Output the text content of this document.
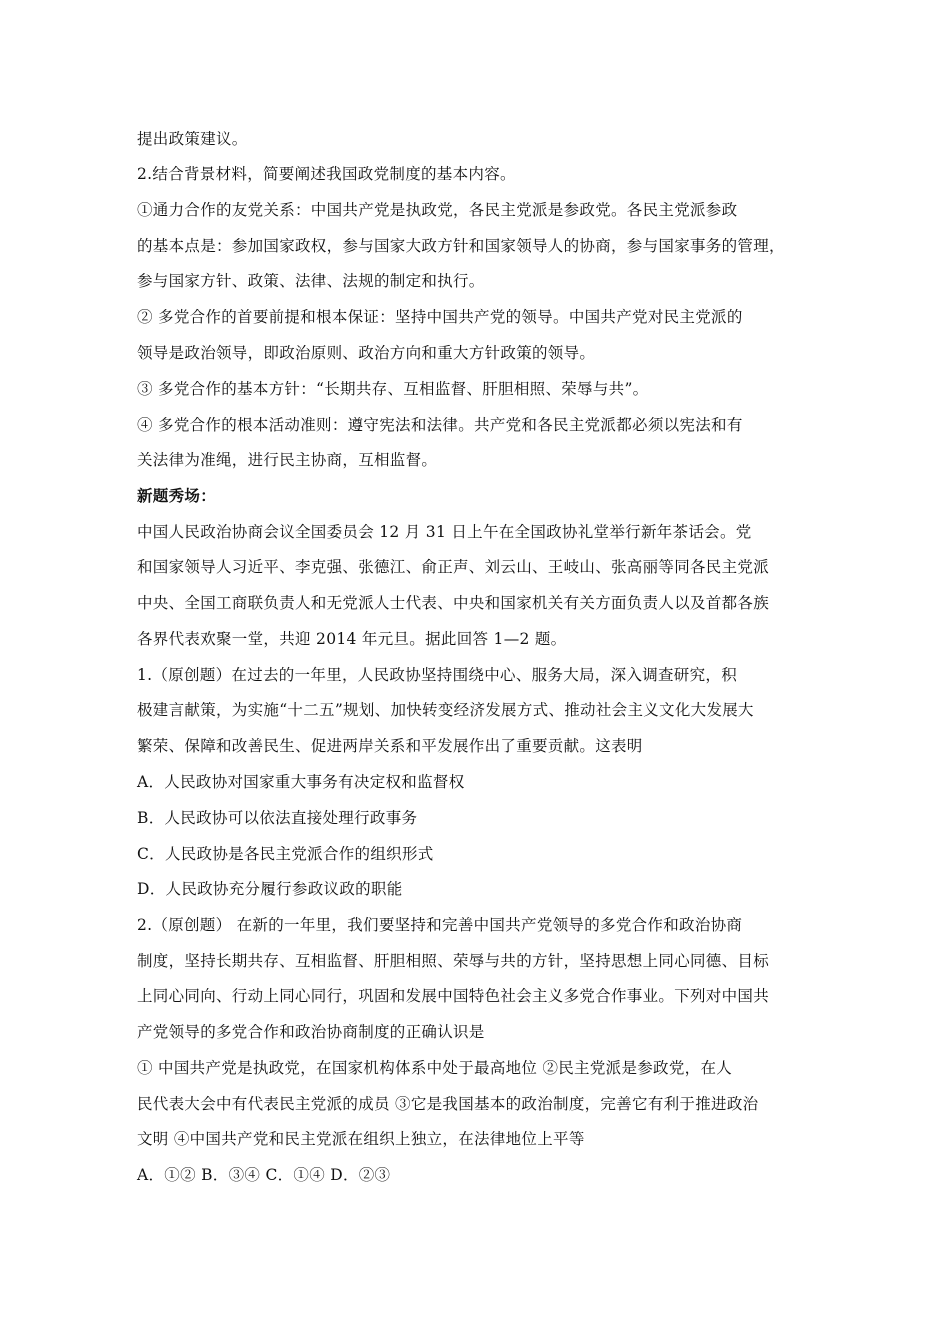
提出政策建议。
2.结合背景材料，简要阐述我国政党制度的基本内容。
①通力合作的友党关系：中国共产党是执政党，各民主党派是参政党。各民主党派参政
的基本点是：参加国家政权，参与国家大政方针和国家领导人的协商，参与国家事务的管理，
参与国家方针、政策、法律、法规的制定和执行。
② 多党合作的首要前提和根本保证：坚持中国共产党的领导。中国共产党对民主党派的
领导是政治领导，即政治原则、政治方向和重大方针政策的领导。
③ 多党合作的基本方针：“长期共存、互相监督、肝胆相照、荣辱与共”。
④ 多党合作的根本活动准则：遵守宪法和法律。共产党和各民主党派都必须以宪法和有
关法律为准绳，进行民主协商，互相监督。
新题秀场：
中国人民政治协商会议全国委员会 12 月 31 日上午在全国政协礼堂举行新年茶话会。党
和国家领导人习近平、李克强、张德江、俞正声、刘云山、王岐山、张高丽等同各民主党派
中央、全国工商联负责人和无党派人士代表、中央和国家机关有关方面负责人以及首都各族
各界代表欢聚一堂，共迎 2014 年元旦。据此回答 1—2 题。
1.（原创题）在过去的一年里，人民政协坚持围绕中心、服务大局，深入调查研究，积
极建言献策，为实施“十二五”规划、加快转变经济发展方式、推动社会主义文化大发展大
繁荣、保障和改善民生、促进两岸关系和平发展作出了重要贡献。这表明
A．人民政协对国家重大事务有决定权和监督权
B．人民政协可以依法直接处理行政事务
C．人民政协是各民主党派合作的组织形式
D．人民政协充分履行参政议政的职能
2.（原创题） 在新的一年里，我们要坚持和完善中国共产党领导的多党合作和政治协商
制度，坚持长期共存、互相监督、肝胆相照、荣辱与共的方针，坚持思想上同心同德、目标
上同心同向、行动上同心同行，巩固和发展中国特色社会主义多党合作事业。下列对中国共
产党领导的多党合作和政治协商制度的正确认识是
① 中国共产党是执政党，在国家机构体系中处于最高地位 ②民主党派是参政党，在人
民代表大会中有代表民主党派的成员 ③它是我国基本的政治制度，完善它有利于推进政治
文明 ④中国共产党和民主党派在组织上独立，在法律地位上平等
A．①② B．③④ C．①④ D．②③
